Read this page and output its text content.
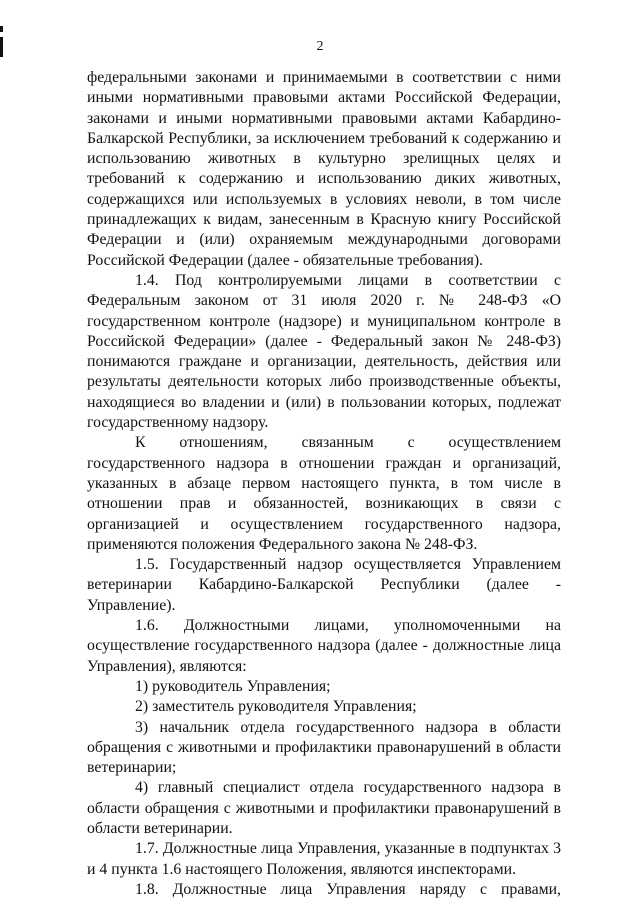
2

федеральными законами и принимаемыми в соответствии с ними иными нормативными правовыми актами Российской Федерации, законами и иными нормативными правовыми актами Кабардино-Балкарской Республики, за исключением требований к содержанию и использованию животных в культурно зрелищных целях и требований к содержанию и использованию диких животных, содержащихся или используемых в условиях неволи, в том числе принадлежащих к видам, занесенным в Красную книгу Российской Федерации и (или) охраняемым международными договорами Российской Федерации (далее - обязательные требования).

1.4. Под контролируемыми лицами в соответствии с Федеральным законом от 31 июля 2020 г. № 248-ФЗ «О государственном контроле (надзоре) и муниципальном контроле в Российской Федерации» (далее - Федеральный закон № 248-ФЗ) понимаются граждане и организации, деятельность, действия или результаты деятельности которых либо производственные объекты, находящиеся во владении и (или) в пользовании которых, подлежат государственному надзору.

К отношениям, связанным с осуществлением государственного надзора в отношении граждан и организаций, указанных в абзаце первом настоящего пункта, в том числе в отношении прав и обязанностей, возникающих в связи с организацией и осуществлением государственного надзора, применяются положения Федерального закона № 248-ФЗ.

1.5. Государственный надзор осуществляется Управлением ветеринарии Кабардино-Балкарской Республики (далее - Управление).

1.6. Должностными лицами, уполномоченными на осуществление государственного надзора (далее - должностные лица Управления), являются:

1) руководитель Управления;

2) заместитель руководителя Управления;

3) начальник отдела государственного надзора в области обращения с животными и профилактики правонарушений в области ветеринарии;

4) главный специалист отдела государственного надзора в области обращения с животными и профилактики правонарушений в области ветеринарии.

1.7. Должностные лица Управления, указанные в подпунктах 3 и 4 пункта 1.6 настоящего Положения, являются инспекторами.

1.8. Должностные лица Управления наряду с правами,
